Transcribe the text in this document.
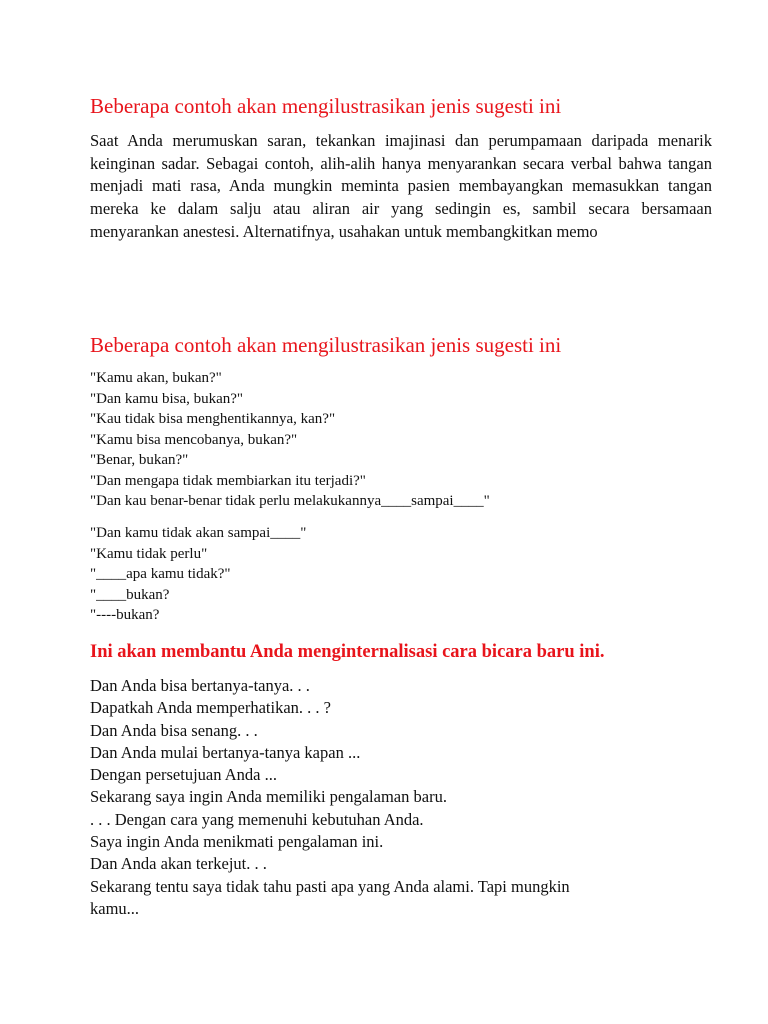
Beberapa contoh akan mengilustrasikan jenis sugesti ini

Saat Anda merumuskan saran, tekankan imajinasi dan perumpamaan daripada menarik keinginan sadar. Sebagai contoh, alih-alih hanya menyarankan secara verbal bahwa tangan menjadi mati rasa, Anda mungkin meminta pasien membayangkan memasukkan tangan mereka ke dalam salju atau aliran air yang sedingin es, sambil secara bersamaan menyarankan anestesi. Alternatifnya, usahakan untuk membangkitkan memo

Beberapa contoh akan mengilustrasikan jenis sugesti ini
"Kamu akan, bukan?"
"Dan kamu bisa, bukan?"
"Kau tidak bisa menghentikannya, kan?"
"Kamu bisa mencobanya, bukan?"
"Benar, bukan?"
"Dan mengapa tidak membiarkan itu terjadi?"
"Dan kau benar-benar tidak perlu melakukannya____sampai____"
"Dan kamu tidak akan sampai____"
"Kamu tidak perlu"
"____apa kamu tidak?"
"____bukan?
"----bukan?
Ini akan membantu Anda menginternalisasi cara bicara baru ini.
Dan Anda bisa bertanya-tanya. . .
Dapatkah Anda memperhatikan. . . ?
Dan Anda bisa senang. . .
Dan Anda mulai bertanya-tanya kapan ...
Dengan persetujuan Anda ...
Sekarang saya ingin Anda memiliki pengalaman baru.
. . . Dengan cara yang memenuhi kebutuhan Anda.
Saya ingin Anda menikmati pengalaman ini.
Dan Anda akan terkejut. . .
Sekarang tentu saya tidak tahu pasti apa yang Anda alami. Tapi mungkin
kamu...
